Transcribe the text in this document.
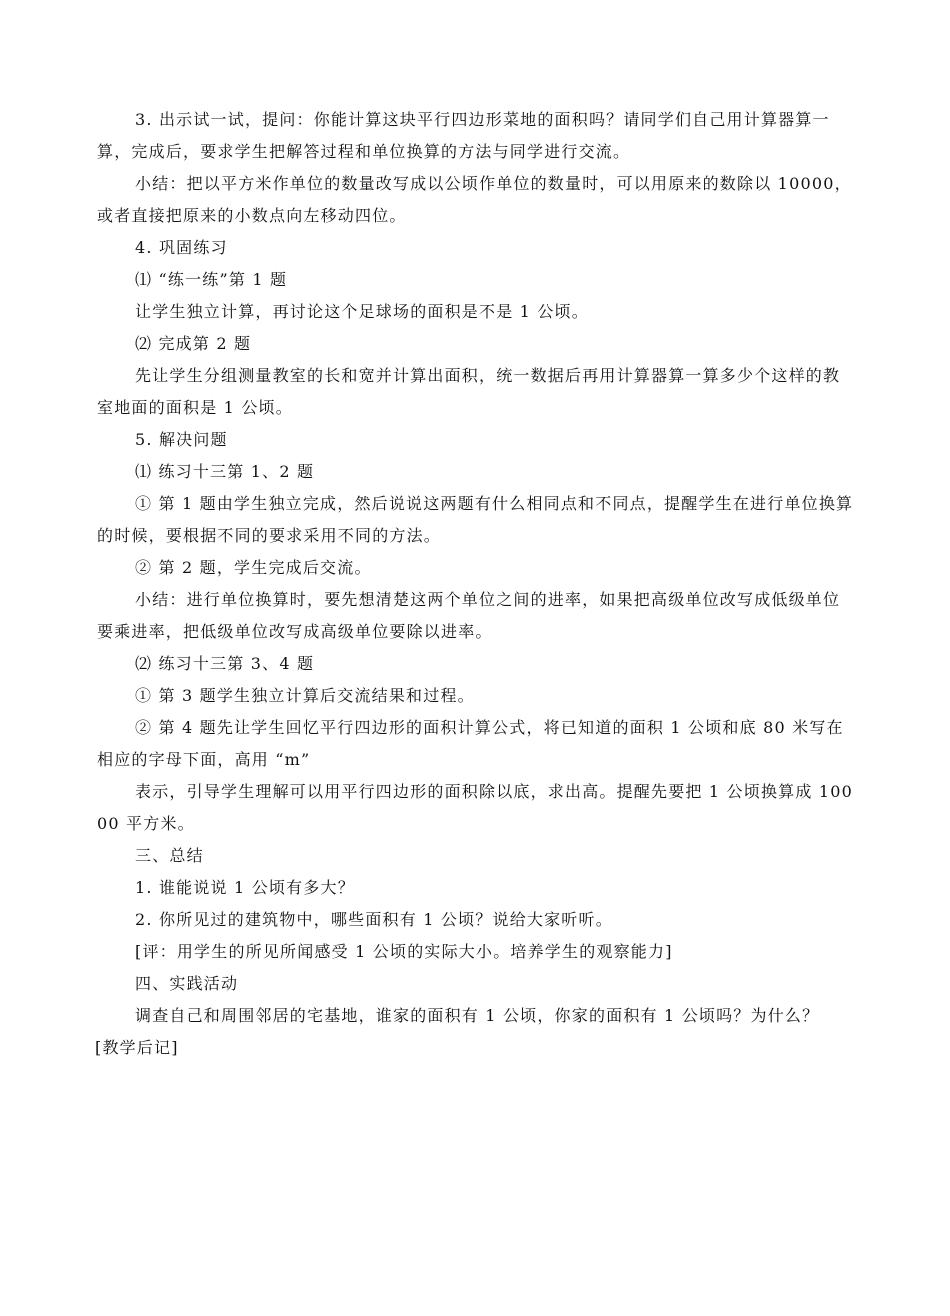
3. 出示试一试，提问：你能计算这块平行四边形菜地的面积吗？请同学们自己用计算器算一算，完成后，要求学生把解答过程和单位换算的方法与同学进行交流。

小结：把以平方米作单位的数量改写成以公顷作单位的数量时，可以用原来的数除以 10000，或者直接把原来的小数点向左移动四位。

4. 巩固练习

⑴ “练一练”第 1 题

让学生独立计算，再讨论这个足球场的面积是不是 1 公顷。

⑵ 完成第 2 题

先让学生分组测量教室的长和宽并计算出面积，统一数据后再用计算器算一算多少个这样的教室地面的面积是 1 公顷。

5. 解决问题

⑴ 练习十三第 1、2 题

① 第 1 题由学生独立完成，然后说说这两题有什么相同点和不同点，提醒学生在进行单位换算的时候，要根据不同的要求采用不同的方法。

② 第 2 题，学生完成后交流。

小结：进行单位换算时，要先想清楚这两个单位之间的进率，如果把高级单位改写成低级单位要乘进率，把低级单位改写成高级单位要除以进率。

⑵ 练习十三第 3、4 题

① 第 3 题学生独立计算后交流结果和过程。

② 第 4 题先让学生回忆平行四边形的面积计算公式，将已知道的面积 1 公顷和底 80 米写在相应的字母下面，高用 “m”

表示，引导学生理解可以用平行四边形的面积除以底，求出高。提醒先要把 1 公顷换算成 10000 平方米。

三、总结

1. 谁能说说 1 公顷有多大？

2. 你所见过的建筑物中，哪些面积有 1 公顷？说给大家听听。

[评：用学生的所见所闻感受 1 公顷的实际大小。培养学生的观察能力]

四、实践活动

调查自己和周围邻居的宅基地，谁家的面积有 1 公顷，你家的面积有 1 公顷吗？为什么？

[教学后记]
